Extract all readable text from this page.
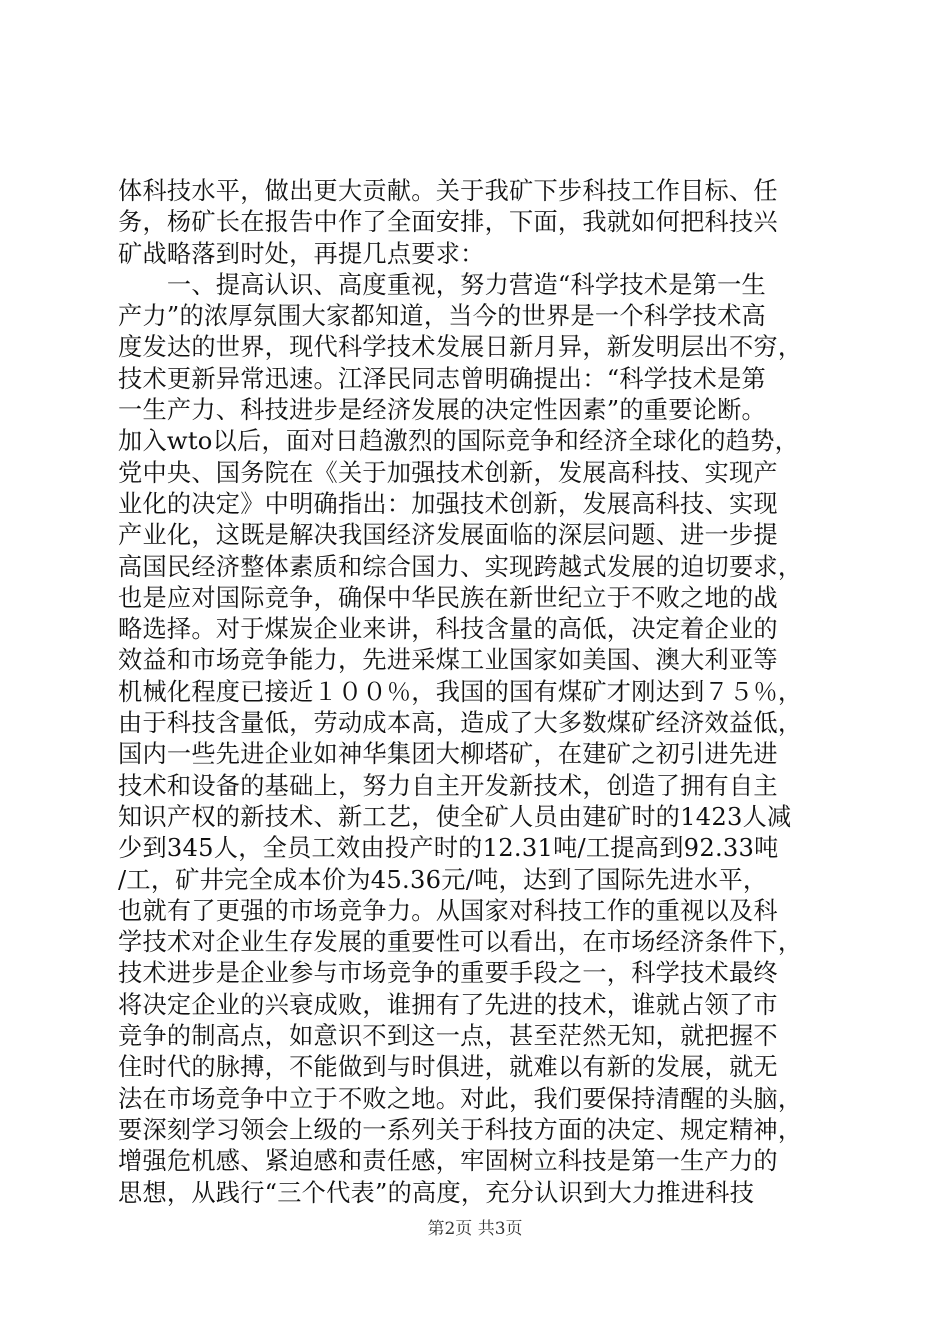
体科技水平，做出更大贡献。关于我矿下步科技工作目标、任
务，杨矿长在报告中作了全面安排，下面，我就如何把科技兴
矿战略落到时处，再提几点要求：
　　一、提高认识、高度重视，努力营造“科学技术是第一生
产力”的浓厚氛围大家都知道，当今的世界是一个科学技术高
度发达的世界，现代科学技术发展日新月异，新发明层出不穷，
技术更新异常迅速。江泽民同志曾明确提出：“科学技术是第
一生产力、科技进步是经济发展的决定性因素”的重要论断。
加入wto以后，面对日趋激烈的国际竞争和经济全球化的趋势，
党中央、国务院在《关于加强技术创新，发展高科技、实现产
业化的决定》中明确指出：加强技术创新，发展高科技、实现
产业化，这既是解决我国经济发展面临的深层问题、进一步提
高国民经济整体素质和综合国力、实现跨越式发展的迫切要求，
也是应对国际竞争，确保中华民族在新世纪立于不败之地的战
略选择。对于煤炭企业来讲，科技含量的高低，决定着企业的
效益和市场竞争能力，先进采煤工业国家如美国、澳大利亚等
机械化程度已接近１００％，我国的国有煤矿才刚达到７５％，
由于科技含量低，劳动成本高，造成了大多数煤矿经济效益低，
国内一些先进企业如神华集团大柳塔矿，在建矿之初引进先进
技术和设备的基础上，努力自主开发新技术，创造了拥有自主
知识产权的新技术、新工艺，使全矿人员由建矿时的1423人减
少到345人，全员工效由投产时的12.31吨/工提高到92.33吨
/工，矿井完全成本价为45.36元/吨，达到了国际先进水平，
也就有了更强的市场竞争力。从国家对科技工作的重视以及科
学技术对企业生存发展的重要性可以看出，在市场经济条件下，
技术进步是企业参与市场竞争的重要手段之一，科学技术最终
将决定企业的兴衰成败，谁拥有了先进的技术，谁就占领了市
竞争的制高点，如意识不到这一点，甚至茫然无知，就把握不
住时代的脉搏，不能做到与时俱进，就难以有新的发展，就无
法在市场竞争中立于不败之地。对此，我们要保持清醒的头脑，
要深刻学习领会上级的一系列关于科技方面的决定、规定精神，
增强危机感、紧迫感和责任感，牢固树立科技是第一生产力的
思想，从践行“三个代表”的高度，充分认识到大力推进科技
第2页 共3页
